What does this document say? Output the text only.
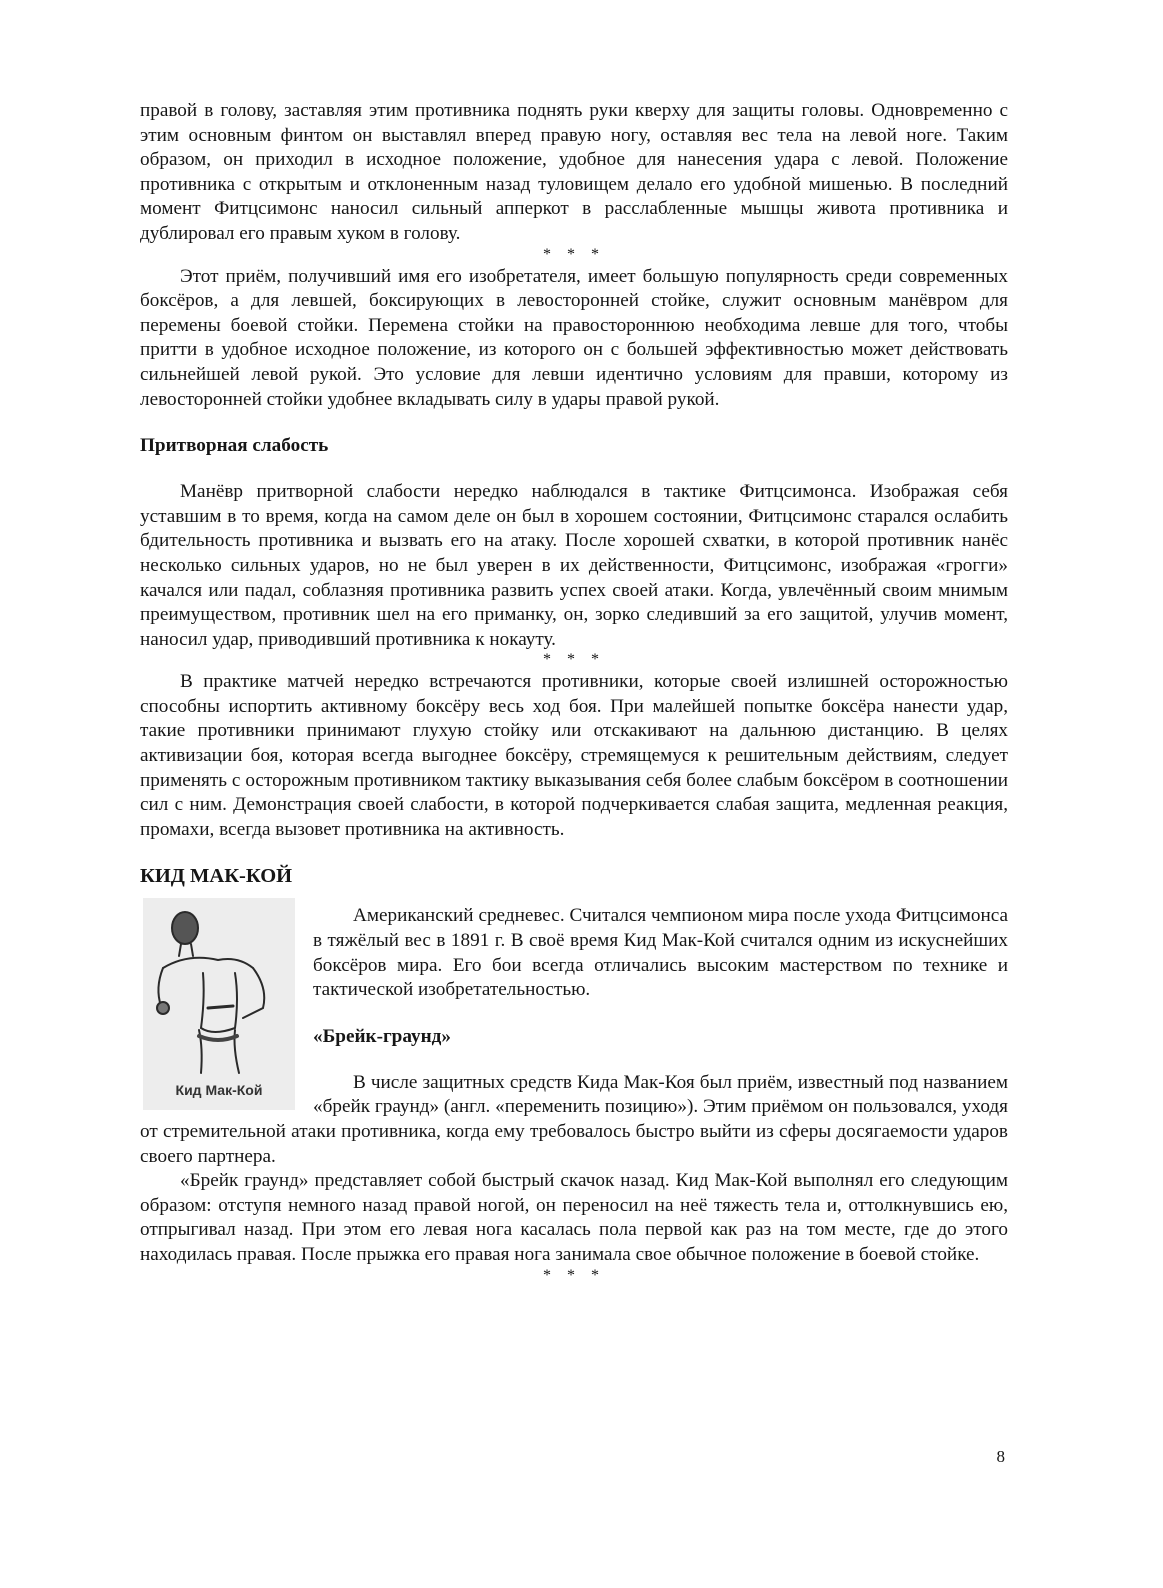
правой в голову, заставляя этим противника поднять руки кверху для защиты головы. Одновременно с этим основным финтом он выставлял вперед правую ногу, оставляя вес тела на левой ноге. Таким образом, он приходил в исходное положение, удобное для нанесения удара с левой. Положение противника с открытым и отклоненным назад туловищем делало его удобной мишенью. В последний момент Фитцсимонс наносил сильный апперкот в расслабленные мышцы живота противника и дублировал его правым хуком в голову.

* * *

Этот приём, получивший имя его изобретателя, имеет большую популярность среди современных боксёров, а для левшей, боксирующих в левосторонней стойке, служит основным манёвром для перемены боевой стойки. Перемена стойки на правостороннюю необходима левше для того, чтобы притти в удобное исходное положение, из которого он с большей эффективностью может действовать сильнейшей левой рукой. Это условие для левши идентично условиям для правши, которому из левосторонней стойки удобнее вкладывать силу в удары правой рукой.

Притворная слабость

Манёвр притворной слабости нередко наблюдался в тактике Фитцсимонса. Изображая себя уставшим в то время, когда на самом деле он был в хорошем состоянии, Фитцсимонс старался ослабить бдительность противника и вызвать его на атаку. После хорошей схватки, в которой противник нанёс несколько сильных ударов, но не был уверен в их действенности, Фитцсимонс, изображая «грогги» качался или падал, соблазняя противника развить успех своей атаки. Когда, увлечённый своим мнимым преимуществом, противник шел на его приманку, он, зорко следивший за его защитой, улучив момент, наносил удар, приводивший противника к нокауту.

* * *

В практике матчей нередко встречаются противники, которые своей излишней осторожностью способны испортить активному боксёру весь ход боя. При малейшей попытке боксёра нанести удар, такие противники принимают глухую стойку или отскакивают на дальнюю дистанцию. В целях активизации боя, которая всегда выгоднее боксёру, стремящемуся к решительным действиям, следует применять с осторожным противником тактику выказывания себя более слабым боксёром в соотношении сил с ним. Демонстрация своей слабости, в которой подчеркивается слабая защита, медленная реакция, промахи, всегда вызовет противника на активность.

КИД МАК-КОЙ
Кид Мак-Кой

Американский средневес. Считался чемпионом мира после ухода Фитцсимонса в тяжёлый вес в 1891 г. В своё время Кид Мак-Кой считался одним из искуснейших боксёров мира. Его бои всегда отличались высоким мастерством по технике и тактической изобретательностью.

«Брейк-граунд»

В числе защитных средств Кида Мак-Коя был приём, известный под названием «брейк граунд» (англ. «переменить позицию»). Этим приёмом он пользовался, уходя от стремительной атаки противника, когда ему требовалось быстро выйти из сферы досягаемости ударов своего партнера.

«Брейк граунд» представляет собой быстрый скачок назад. Кид Мак-Кой выполнял его следующим образом: отступя немного назад правой ногой, он переносил на неё тяжесть тела и, оттолкнувшись ею, отпрыгивал назад. При этом его левая нога касалась пола первой как раз на том месте, где до этого находилась правая. После прыжка его правая нога занимала свое обычное положение в боевой стойке.

* * *
8
